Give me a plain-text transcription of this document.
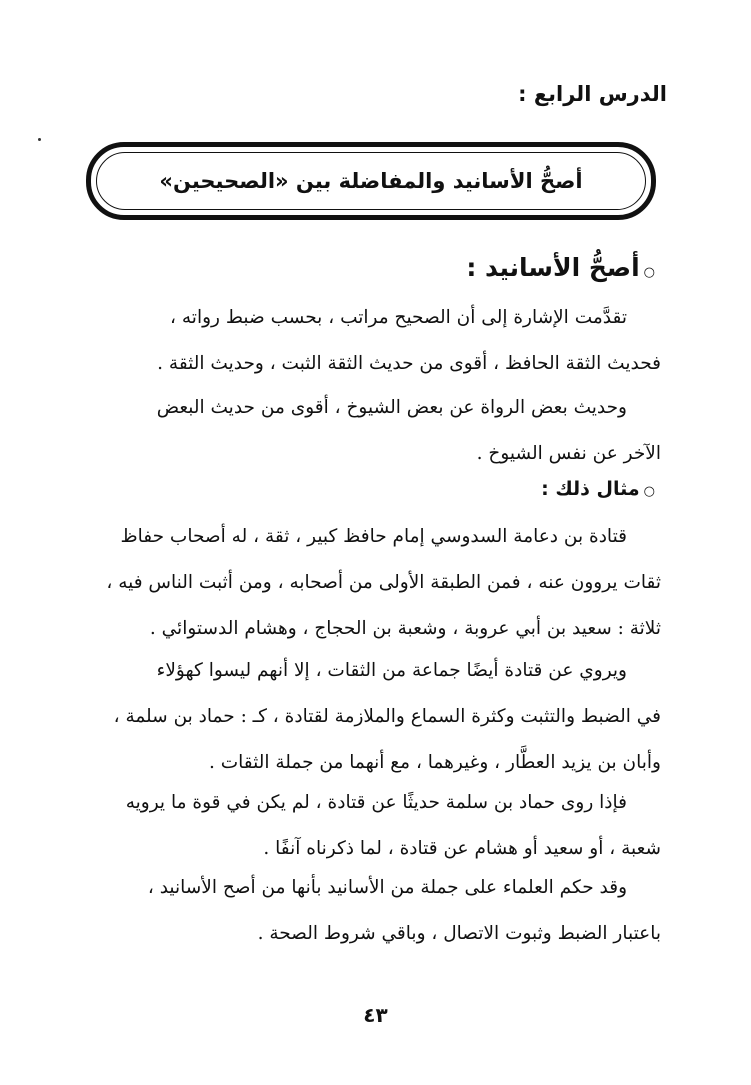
الدرس الرابع :
أصحُّ الأسانيد والمفاضلة بين «الصحيحين»
○أصحُّ الأسانيد :
تقدَّمت الإشارة إلى أن الصحيح مراتب ، بحسب ضبط رواته ،
فحديث الثقة الحافظ ، أقوى من حديث الثقة الثبت ، وحديث الثقة .
وحديث بعض الرواة عن بعض الشيوخ ، أقوى من حديث البعض
الآخر عن نفس الشيوخ .
○مثال ذلك :
قتادة بن دعامة السدوسي إمام حافظ كبير ، ثقة ، له أصحاب حفاظ
ثقات يروون عنه ، فمن الطبقة الأولى من أصحابه ، ومن أثبت الناس فيه ،
ثلاثة : سعيد بن أبي عروبة ، وشعبة بن الحجاج ، وهشام الدستوائي .
ويروي عن قتادة أيضًا جماعة من الثقات ، إلا أنهم ليسوا كهؤلاء
في الضبط والتثبت وكثرة السماع والملازمة لقتادة ، كـ : حماد بن سلمة ،
وأبان بن يزيد العطَّار ، وغيرهما ، مع أنهما من جملة الثقات .
فإذا روى حماد بن سلمة حديثًا عن قتادة ، لم يكن في قوة ما يرويه
شعبة ، أو سعيد أو هشام عن قتادة ، لما ذكرناه آنفًا .
وقد حكم العلماء على جملة من الأسانيد بأنها من أصح الأسانيد ،
باعتبار الضبط وثبوت الاتصال ، وباقي شروط الصحة .
٤٣
